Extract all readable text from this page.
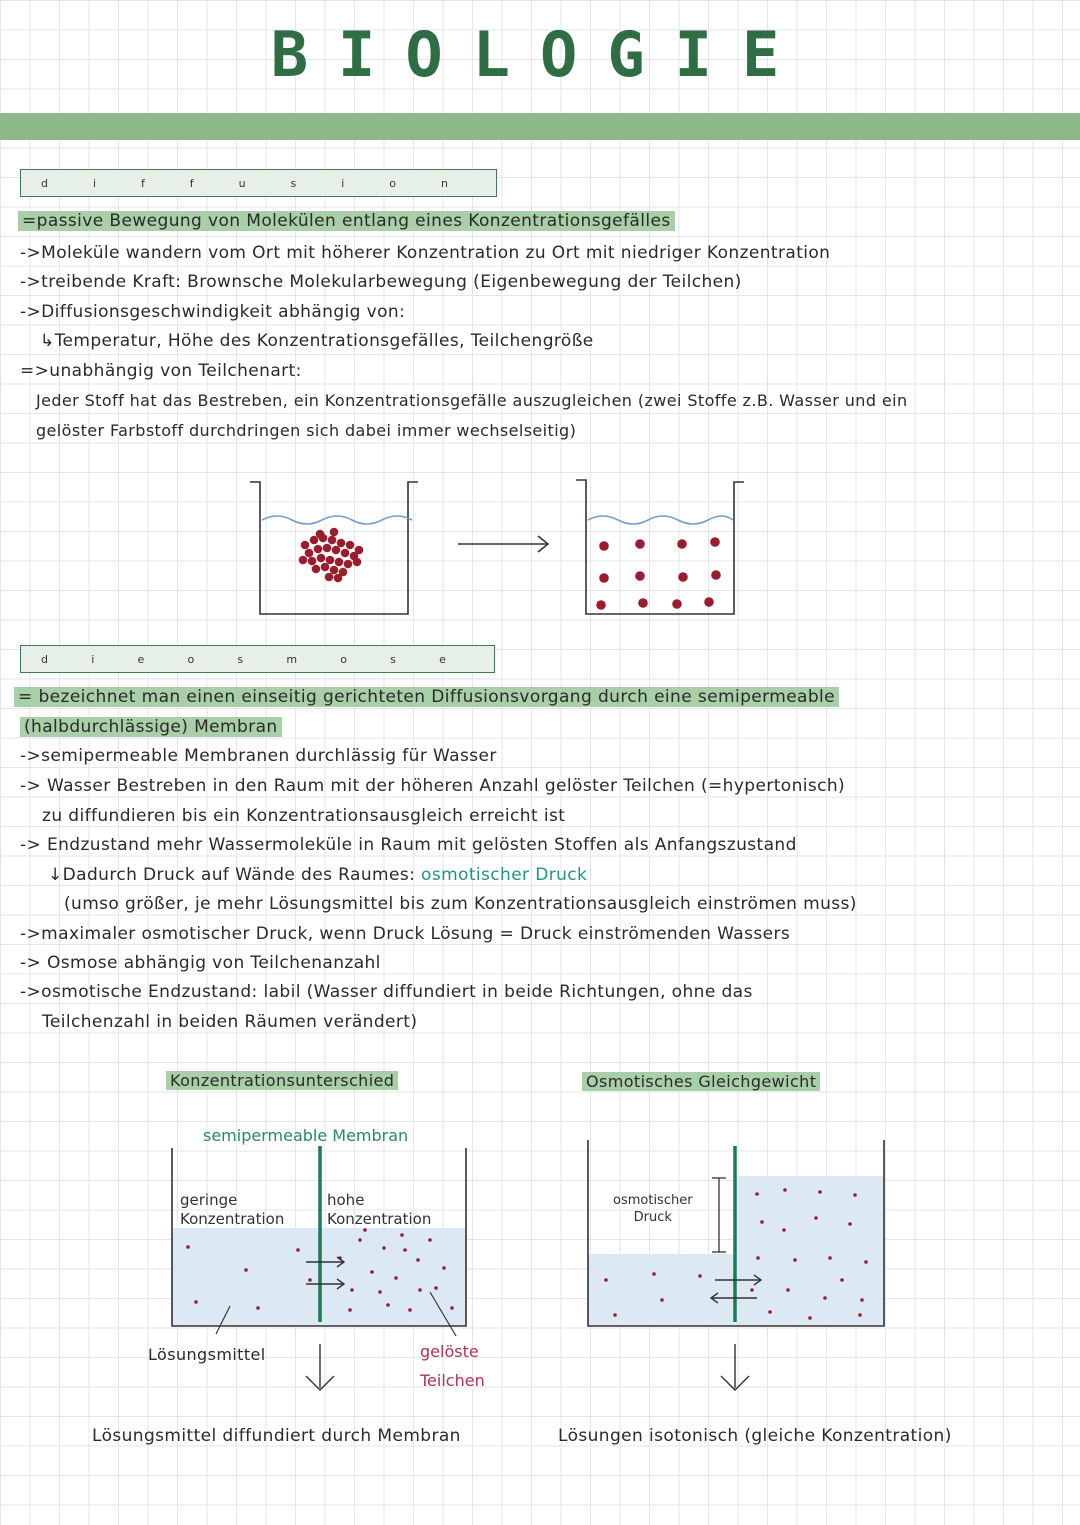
BIOLOGIE
d	i	f	f	u	s	i	o	n
=passive Bewegung von Molekülen entlang eines Konzentrationsgefälles
->Moleküle wandern vom Ort mit höherer Konzentration zu Ort mit niedriger Konzentration
->treibende Kraft: Brownsche Molekularbewegung (Eigenbewegung der Teilchen)
->Diffusionsgeschwindigkeit abhängig von:
↳Temperatur, Höhe des Konzentrationsgefälles, Teilchengröße
=>unabhängig von Teilchenart:
Jeder Stoff hat das Bestreben, ein Konzentrationsgefälle auszugleichen (zwei Stoffe z.B. Wasser und ein
gelöster Farbstoff durchdringen sich dabei immer wechselseitig)
d	i	e	o	s	m	o	s	e
= bezeichnet man einen einseitig gerichteten Diffusionsvorgang durch eine semipermeable
(halbdurchlässige) Membran
->semipermeable Membranen durchlässig für Wasser
-> Wasser Bestreben in den Raum mit der höheren Anzahl gelöster Teilchen (=hypertonisch)
zu diffundieren bis ein Konzentrationsausgleich erreicht ist
-> Endzustand mehr Wassermoleküle in Raum mit gelösten Stoffen als Anfangszustand
↓Dadurch Druck auf Wände des Raumes: osmotischer Druck
(umso größer, je mehr Lösungsmittel bis zum Konzentrationsausgleich einströmen muss)
->maximaler osmotischer Druck, wenn Druck Lösung = Druck einströmenden Wassers
-> Osmose abhängig von Teilchenanzahl
->osmotische Endzustand: labil (Wasser diffundiert in beide Richtungen, ohne das
Teilchenzahl in beiden Räumen verändert)
Konzentrationsunterschied
semipermeable Membran
Osmotisches Gleichgewicht
geringe
Konzentration
hohe
Konzentration
Lösungsmittel	gelöste
Teilchen
osmotischer
Druck
Lösungsmittel diffundiert durch Membran	Lösungen isotonisch (gleiche Konzentration)
